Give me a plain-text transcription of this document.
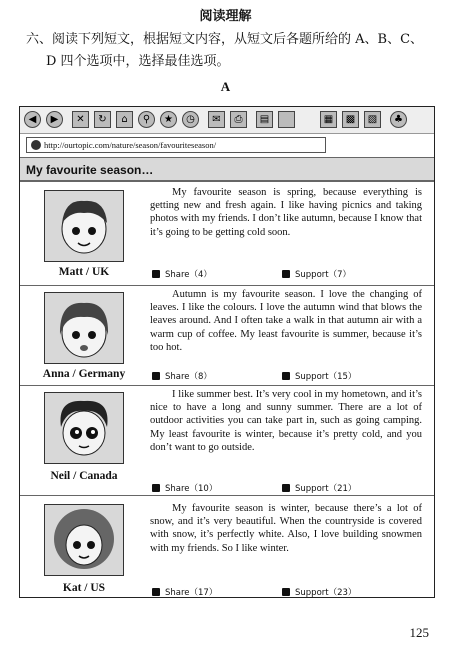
阅读理解
六、阅读下列短文，根据短文内容，从短文后各题所给的 A、B、C、
D 四个选项中，选择最佳选项。
A
◀	▶	✕	↻	⌂	⚲	★	◷	✉	⎙	▤	▦	▩	▧	♣
http://ourtopic.com/nature/season/favouriteseason/
My favourite season…
Matt / UK
My favourite season is spring, because everything is getting new and fresh again. I like having picnics and taking photos with my friends. I don’t like autumn, because I know that it’s going to be getting cold soon.
Share（4）	Support（7）
Anna / Germany
Autumn is my favourite season. I love the changing of leaves. I like the colours. I love the autumn wind that blows the leaves around. And I often take a walk in that autumn air with a warm cup of coffee. My least favourite is summer, because it’s too hot.
Share（8）	Support（15）
Neil / Canada
I like summer best. It’s very cool in my hometown, and it’s nice to have a long and sunny summer. There are a lot of outdoor activities you can take part in, such as going camping. My least favourite is winter, because it’s pretty cold, and you don’t want to go outside.
Share（10）	Support（21）
Kat / US
My favourite season is winter, because there’s a lot of snow, and it’s very beautiful. When the countryside is covered with snow, it’s perfectly white. Also, I love building snowmen with my friends. So I like winter.
Share（17）	Support（23）
125
